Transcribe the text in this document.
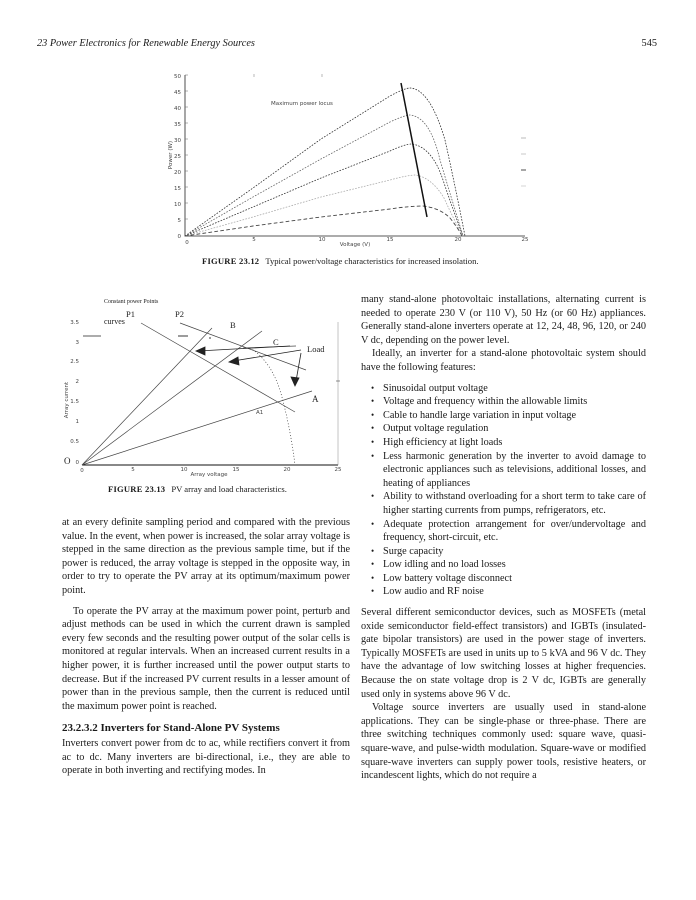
23 Power Electronics for Renewable Energy Sources	545
50
45
40
35
30
25
20
15
10
5
0
0	5	10	15	20	25
Voltage (V)
Power (W)
Maximum power locus
FIGURE 23.12 Typical power/voltage characteristics for increased insolation.
3.5
3
2.5
2
1.5
1
0.5
0
0	5	10	15	20	25
Array voltage
Array current
Constant power Points
P1	P2
curves	B
C
Load
A
A1
O
FIGURE 23.13 PV array and load characteristics.

at an every definite sampling period and compared with the previous value. In the event, when power is increased, the solar array voltage is stepped in the same direction as the previous sample time, but if the power is reduced, the array voltage is stepped in the opposite way, in order to try to operate the PV array at its optimum/maximum power point.

To operate the PV array at the maximum power point, perturb and adjust methods can be used in which the current drawn is sampled every few seconds and the resulting power output of the solar cells is monitored at regular intervals. When an increased current results in a higher power, it is further increased until the power output starts to decrease. But if the increased PV current results in a lesser amount of power than in the previous sample, then the current is reduced until the maximum power point is reached.

23.2.3.2 Inverters for Stand-Alone PV Systems

Inverters convert power from dc to ac, while rectifiers convert it from ac to dc. Many inverters are bi-directional, i.e., they are able to operate in both inverting and rectifying modes. In

many stand-alone photovoltaic installations, alternating current is needed to operate 230 V (or 110 V), 50 Hz (or 60 Hz) appliances. Generally stand-alone inverters operate at 12, 24, 48, 96, 120, or 240 V dc, depending on the power level.

Ideally, an inverter for a stand-alone photovoltaic system should have the following features:

• Sinusoidal output voltage
• Voltage and frequency within the allowable limits
• Cable to handle large variation in input voltage
• Output voltage regulation
• High efficiency at light loads
• Less harmonic generation by the inverter to avoid damage to electronic appliances such as televisions, additional losses, and heating of appliances
• Ability to withstand overloading for a short term to take care of higher starting currents from pumps, refrigerators, etc.
• Adequate protection arrangement for over/undervoltage and frequency, short-circuit, etc.
• Surge capacity
• Low idling and no load losses
• Low battery voltage disconnect
• Low audio and RF noise

Several different semiconductor devices, such as MOSFETs (metal oxide semiconductor field-effect transistors) and IGBTs (insulated-gate bipolar transistors) are used in the power stage of inverters. Typically MOSFETs are used in units up to 5 kVA and 96 V dc. They have the advantage of low switching losses at higher frequencies. Because the on state voltage drop is 2 V dc, IGBTs are generally used only in systems above 96 V dc.

Voltage source inverters are usually used in stand-alone applications. They can be single-phase or three-phase. There are three switching techniques commonly used: square wave, quasi-square-wave, and pulse-width modulation. Square-wave or modified square-wave inverters can supply power tools, resistive heaters, or incandescent lights, which do not require a
